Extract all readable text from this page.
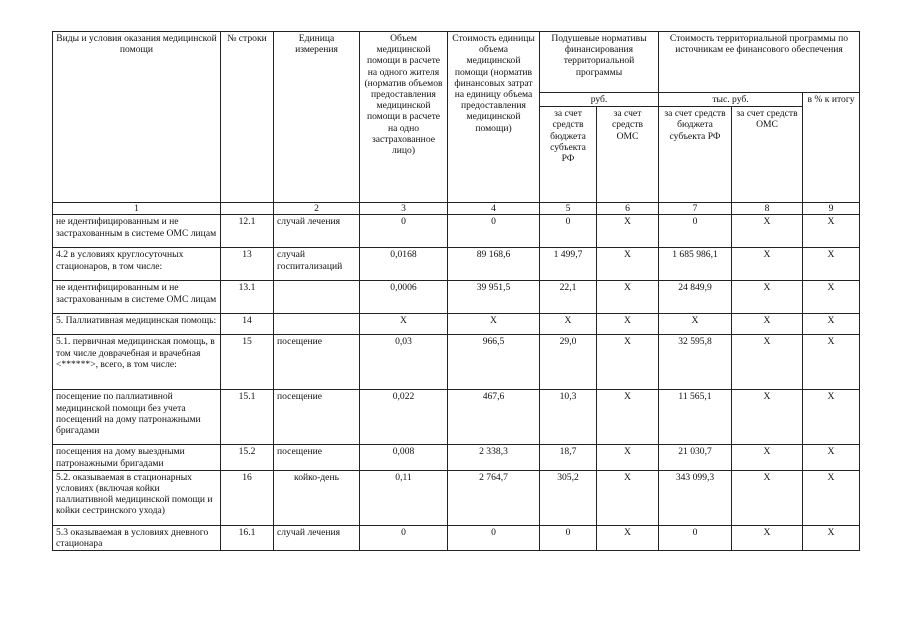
Виды и условия оказания медицинской помощи	№ строки	Единица измерения	Объем медицинской помощи в расчете на одного жителя (норматив объемов предоставления медицинской помощи в расчете на одно застрахованное лицо)	Стоимость единицы объема медицинской помощи (норматив финансовых затрат на единицу объема предоставления медицинской помощи)	Подушевые нормативы финансирования территориальной программы		Стоимость территориальной программы по источникам ее финансового обеспечения		
					руб.		тыс. руб.		в % к итогу
					за счет средств бюджета субъекта РФ	за счет средств ОМС	за счет средств бюджета субъекта РФ	за счет средств ОМС	
1		2	3	4	5	6	7	8	9
не идентифицированным и не застрахованным в системе ОМС лицам	12.1	случай лечения	0	0	0	Х	0	Х	Х
4.2 в условиях круглосуточных стационаров, в том числе:	13	случай госпитализаций	0,0168	89 168,6	1 499,7	Х	1 685 986,1	Х	Х
не идентифицированным и не застрахованным в системе ОМС лицам	13.1		0,0006	39 951,5	22,1	Х	24 849,9	Х	Х
5. Паллиативная медицинская помощь:	14		Х	Х	Х	Х	Х	Х	Х
5.1. первичная медицинская помощь, в том числе доврачебная и врачебная <******>, всего, в том числе:	15	посещение	0,03	966,5	29,0	Х	32 595,8	Х	Х
посещение по паллиативной медицинской помощи без учета посещений на дому патронажными бригадами	15.1	посещение	0,022	467,6	10,3	Х	11 565,1	Х	Х
посещения на дому выездными патронажными бригадами	15.2	посещение	0,008	2 338,3	18,7	Х	21 030,7	Х	Х
5.2. оказываемая в стационарных условиях (включая койки паллиативной медицинской помощи и койки сестринского ухода)	16	койко-день	0,11	2 764,7	305,2	Х	343 099,3	Х	Х
5.3 оказываемая в условиях дневного стационара	16.1	случай лечения	0	0	0	Х	0	Х	Х
